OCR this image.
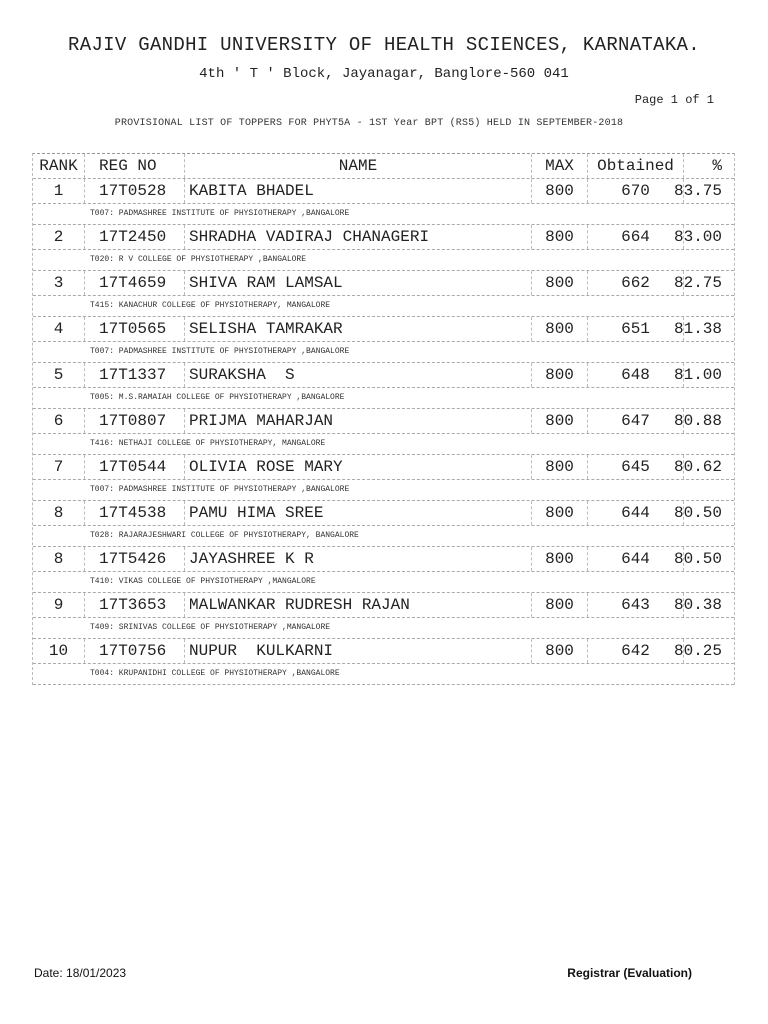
RAJIV GANDHI UNIVERSITY OF HEALTH SCIENCES, KARNATAKA.
4th ' T ' Block, Jayanagar, Banglore-560 041
Page 1 of 1
PROVISIONAL LIST OF TOPPERS FOR PHYT5A - 1ST Year BPT (RS5) HELD IN SEPTEMBER-2018
RANK	REG NO	NAME	MAX	Obtained	%
1	17T0528	KABITA BHADEL	800	670	83.75
T007: PADMASHREE INSTITUTE OF PHYSIOTHERAPY ,BANGALORE
2	17T2450	SHRADHA VADIRAJ CHANAGERI	800	664	83.00
T020: R V COLLEGE OF PHYSIOTHERAPY ,BANGALORE
3	17T4659	SHIVA RAM LAMSAL	800	662	82.75
T415: KANACHUR COLLEGE OF PHYSIOTHERAPY, MANGALORE
4	17T0565	SELISHA TAMRAKAR	800	651	81.38
T007: PADMASHREE INSTITUTE OF PHYSIOTHERAPY ,BANGALORE
5	17T1337	SURAKSHA  S	800	648	81.00
T005: M.S.RAMAIAH COLLEGE OF PHYSIOTHERAPY ,BANGALORE
6	17T0807	PRIJMA MAHARJAN	800	647	80.88
T416: NETHAJI COLLEGE OF PHYSIOTHERAPY, MANGALORE
7	17T0544	OLIVIA ROSE MARY	800	645	80.62
T007: PADMASHREE INSTITUTE OF PHYSIOTHERAPY ,BANGALORE
8	17T4538	PAMU HIMA SREE	800	644	80.50
T028: RAJARAJESHWARI COLLEGE OF PHYSIOTHERAPY, BANGALORE
8	17T5426	JAYASHREE K R	800	644	80.50
T410: VIKAS COLLEGE OF PHYSIOTHERAPY ,MANGALORE
9	17T3653	MALWANKAR RUDRESH RAJAN	800	643	80.38
T409: SRINIVAS COLLEGE OF PHYSIOTHERAPY ,MANGALORE
10	17T0756	NUPUR  KULKARNI	800	642	80.25
T004: KRUPANIDHI COLLEGE OF PHYSIOTHERAPY ,BANGALORE
Date: 18/01/2023	Registrar (Evaluation)
